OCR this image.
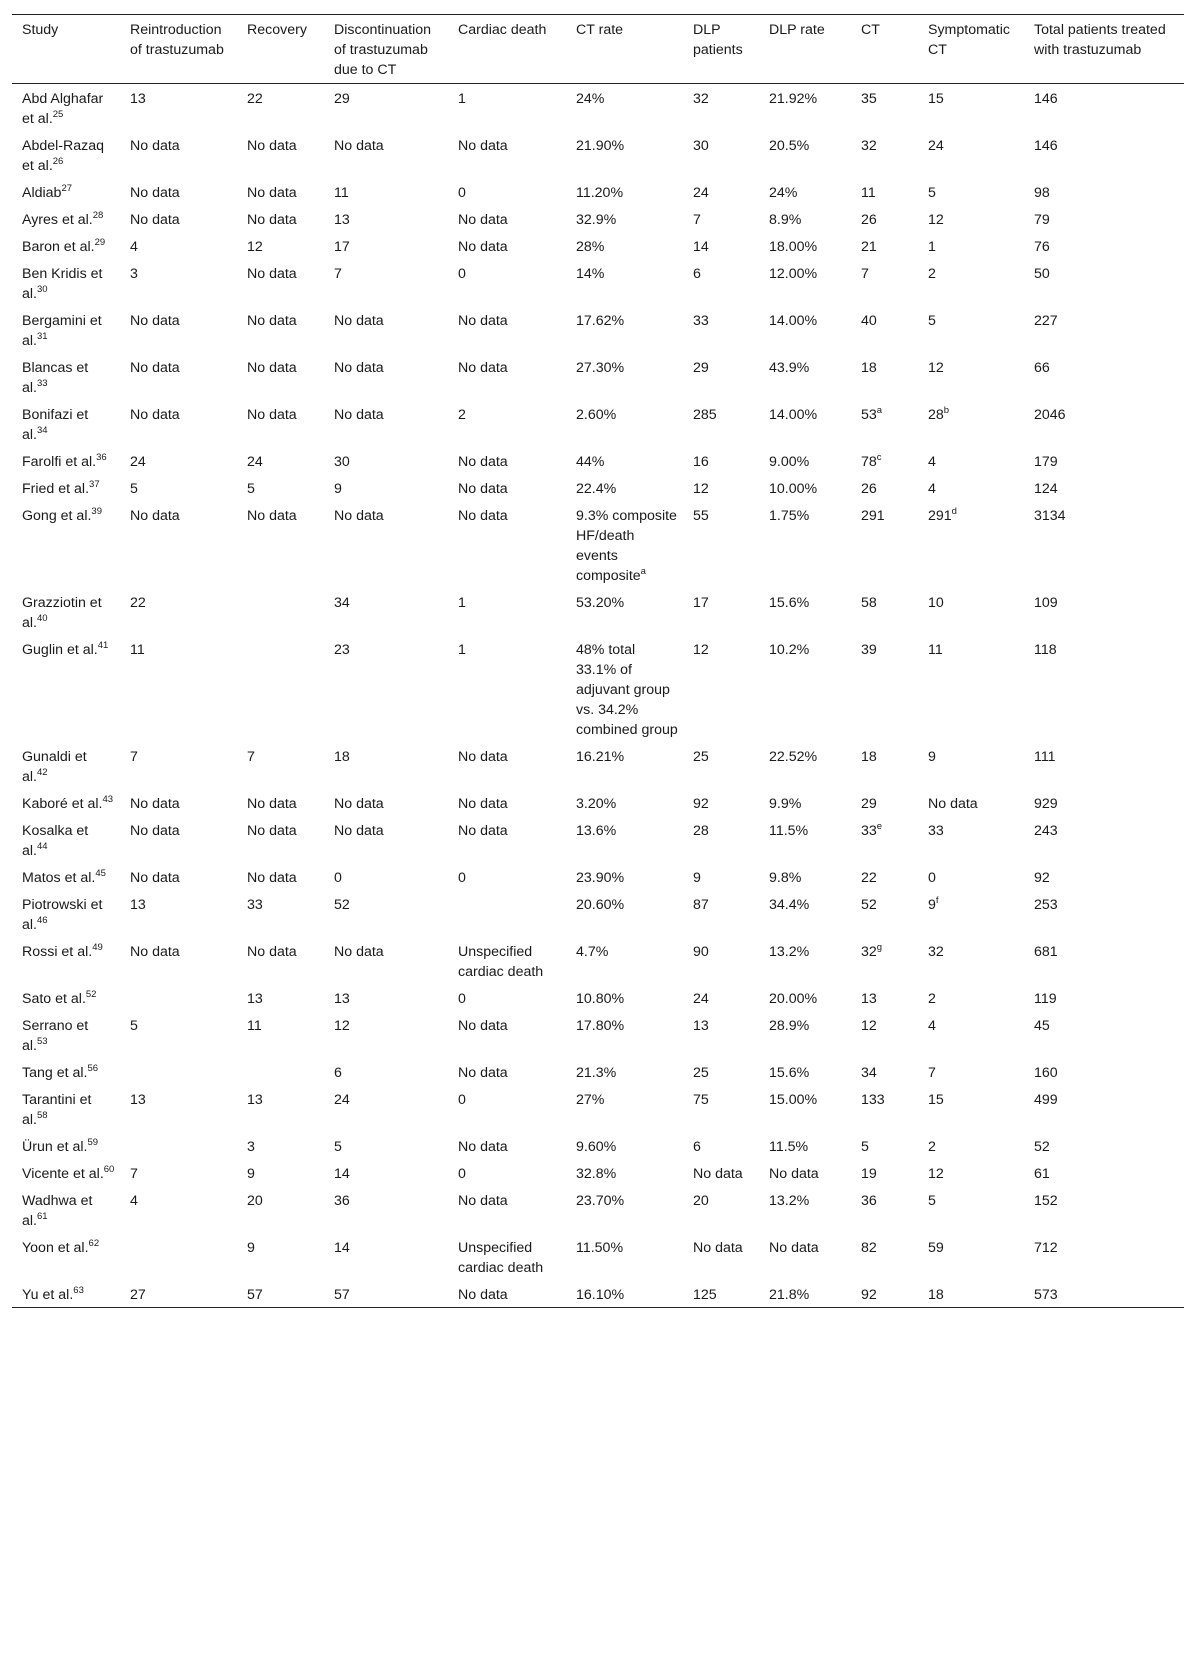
Study	Reintroduction of trastuzumab	Recovery	Discontinuation of trastuzumab due to CT	Cardiac death	CT rate	DLP patients	DLP rate	CT	Symptomatic CT	Total patients treated with trastuzumab
Abd Alghafar et al.$^{25}$	13	22	29	1	24%	32	21.92%	35	15	146
Abdel-Razaq et al.$^{26}$	No data	No data	No data	No data	21.90%	30	20.5%	32	24	146
Aldiab$^{27}$	No data	No data	11	0	11.20%	24	24%	11	5	98
Ayres et al.$^{28}$	No data	No data	13	No data	32.9%	7	8.9%	26	12	79
Baron et al.$^{29}$	4	12	17	No data	28%	14	18.00%	21	1	76
Ben Kridis et al.$^{30}$	3	No data	7	0	14%	6	12.00%	7	2	50
Bergamini et al.$^{31}$	No data	No data	No data	No data	17.62%	33	14.00%	40	5	227
Blancas et al.$^{33}$	No data	No data	No data	No data	27.30%	29	43.9%	18	12	66
Bonifazi et al.$^{34}$	No data	No data	No data	2	2.60%	285	14.00%	53$^a$	28$^b$	2046
Farolfi et al.$^{36}$	24	24	30	No data	44%	16	9.00%	78$^c$	4	179
Fried et al.$^{37}$	5	5	9	No data	22.4%	12	10.00%	26	4	124
Gong et al.$^{39}$	No data	No data	No data	No data	9.3% composite HF/death events composite$^a$	55	1.75%	291	291$^d$	3134
Grazziotin et al.$^{40}$	22		34	1	53.20%	17	15.6%	58	10	109
Guglin et al.$^{41}$	11		23	1	48% total 33.1% of adjuvant group vs. 34.2% combined group	12	10.2%	39	11	118
Gunaldi et al.$^{42}$	7	7	18	No data	16.21%	25	22.52%	18	9	111
Kaboré et al.$^{43}$	No data	No data	No data	No data	3.20%	92	9.9%	29	No data	929
Kosalka et al.$^{44}$	No data	No data	No data	No data	13.6%	28	11.5%	33e	33	243
Matos et al.$^{45}$	No data	No data	0	0	23.90%	9	9.8%	22	0	92
Piotrowski et al.$^{46}$	13	33	52		20.60%	87	34.4%	52	9$^f$	253
Rossi et al.$^{49}$	No data	No data	No data	Unspecified cardiac death	4.7%	90	13.2%	32$^g$	32	681
Sato et al.$^{52}$		13	13	0	10.80%	24	20.00%	13	2	119
Serrano et al.$^{53}$	5	11	12	No data	17.80%	13	28.9%	12	4	45
Tang et al.$^{56}$			6	No data	21.3%	25	15.6%	34	7	160
Tarantini et al.$^{58}$	13	13	24	0	27%	75	15.00%	133	15	499
Ürun et al.$^{59}$		3	5	No data	9.60%	6	11.5%	5	2	52
Vicente et al.$^{60}$	7	9	14	0	32.8%	No data	No data	19	12	61
Wadhwa et al.$^{61}$	4	20	36	No data	23.70%	20	13.2%	36	5	152
Yoon et al.$^{62}$		9	14	Unspecified cardiac death	11.50%	No data	No data	82	59	712
Yu et al.$^{63}$	27	57	57	No data	16.10%	125	21.8%	92	18	573
